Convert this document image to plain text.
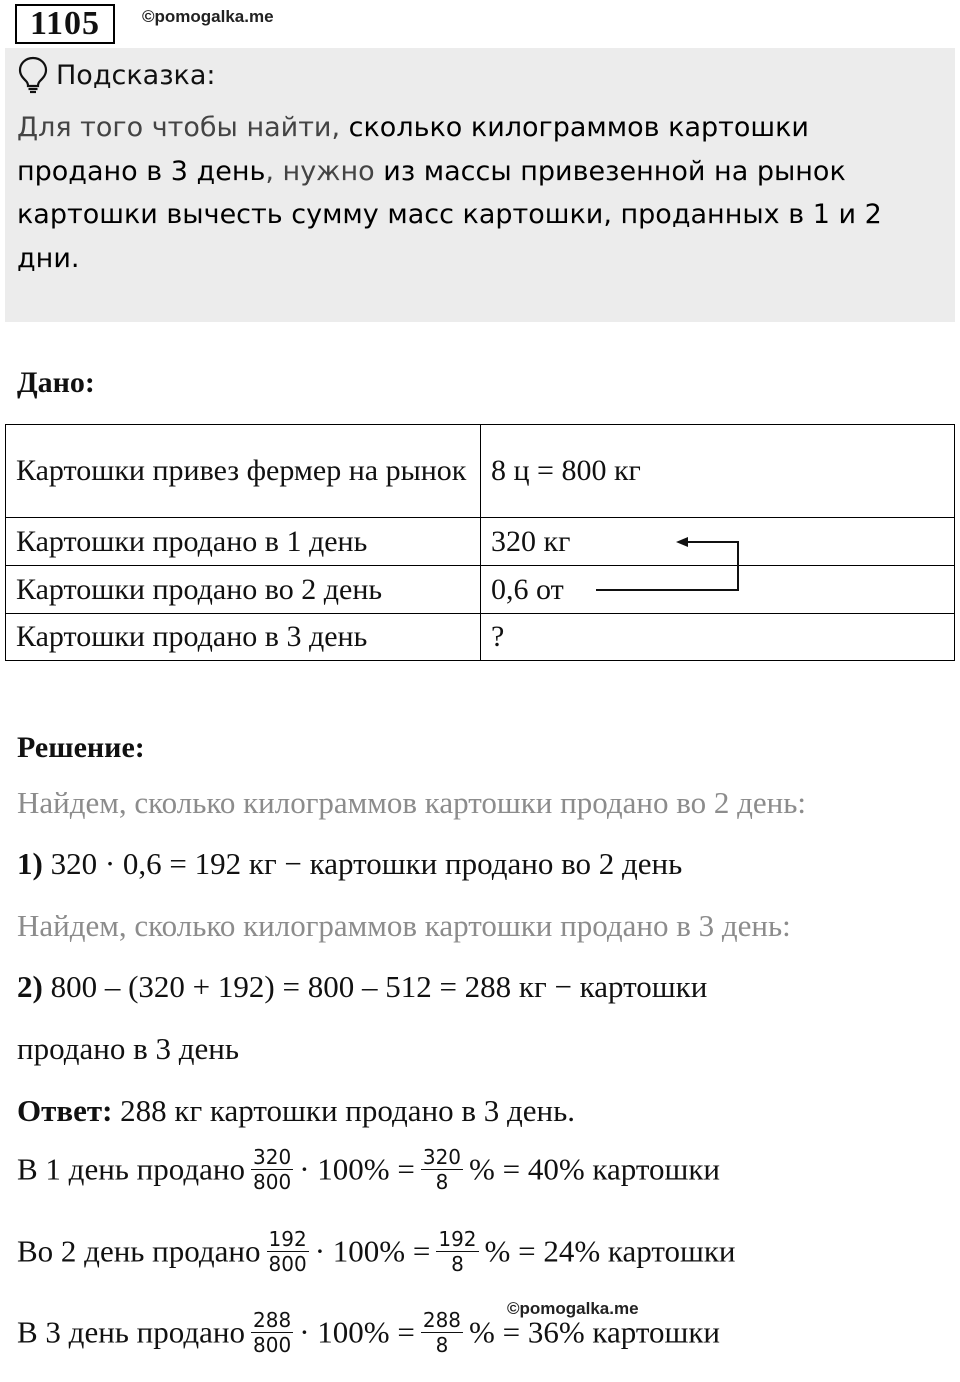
1105	©pomogalka.me
Подсказка:
Для того чтобы найти, сколько килограммов картошки продано в 3 день, нужно из массы привезенной на рынок картошки вычесть сумму масс картошки, проданных в 1 и 2 дни.
Дано:
Картошки привез фермер на рынок	8 ц = 800 кг
Картошки продано в 1 день	320 кг
Картошки продано во 2 день	0,6 от
Картошки продано в 3 день	?
Решение:
Найдем, сколько килограммов картошки продано во 2 день:
1) 320 · 0,6 = 192 кг − картошки продано во 2 день
Найдем, сколько килограммов картошки продано в 3 день:
2) 800 – (320 + 192) = 800 – 512 = 288 кг − картошки
продано в 3 день
Ответ: 288 кг картошки продано в 3 день.
В 1 день продано $\frac{320}{800} \cdot 100\% = \frac{320}{8}$ % = 40% картошки
Во 2 день продано $\frac{192}{800} \cdot 100\% = \frac{192}{8}$ % = 24% картошки
©pomogalka.me
В 3 день продано $\frac{288}{800} \cdot 100\% = \frac{288}{8}$ % = 36% картошки
